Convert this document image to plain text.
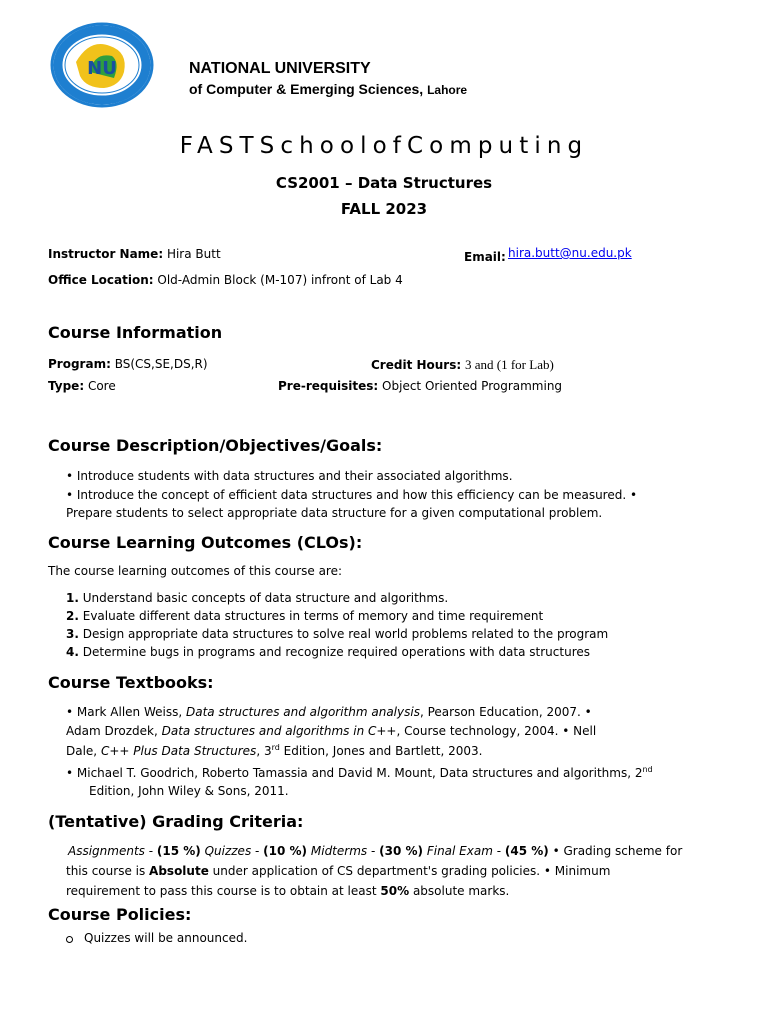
NU	NATIONAL UNIVERSITY
of Computer & Emerging Sciences, Lahore
FASTSchoolofComputing
CS2001 – Data Structures
FALL 2023
Instructor Name: Hira Butt	Email: hira.butt@nu.edu.pk
Office Location: Old-Admin Block (M-107) infront of Lab 4
Course Information
Program: BS(CS,SE,DS,R)	Credit Hours: 3 and (1 for Lab)
Type: Core	Pre-requisites: Object Oriented Programming
Course Description/Objectives/Goals:
• Introduce students with data structures and their associated algorithms.
• Introduce the concept of efficient data structures and how this efficiency can be measured. •
Prepare students to select appropriate data structure for a given computational problem.
Course Learning Outcomes (CLOs):
The course learning outcomes of this course are:
1. Understand basic concepts of data structure and algorithms.
2. Evaluate different data structures in terms of memory and time requirement
3. Design appropriate data structures to solve real world problems related to the program
4. Determine bugs in programs and recognize required operations with data structures
Course Textbooks:
• Mark Allen Weiss, Data structures and algorithm analysis, Pearson Education, 2007. •
Adam Drozdek, Data structures and algorithms in C++, Course technology, 2004. • Nell
Dale, C++ Plus Data Structures, 3rd Edition, Jones and Bartlett, 2003.
• Michael T. Goodrich, Roberto Tamassia and David M. Mount, Data structures and algorithms, 2nd
Edition, John Wiley & Sons, 2011.
(Tentative) Grading Criteria:
Assignments - (15 %) Quizzes - (10 %) Midterms - (30 %) Final Exam - (45 %) • Grading scheme for
this course is Absolute under application of CS department's grading policies. • Minimum
requirement to pass this course is to obtain at least 50% absolute marks.
Course Policies:
Quizzes will be announced.
